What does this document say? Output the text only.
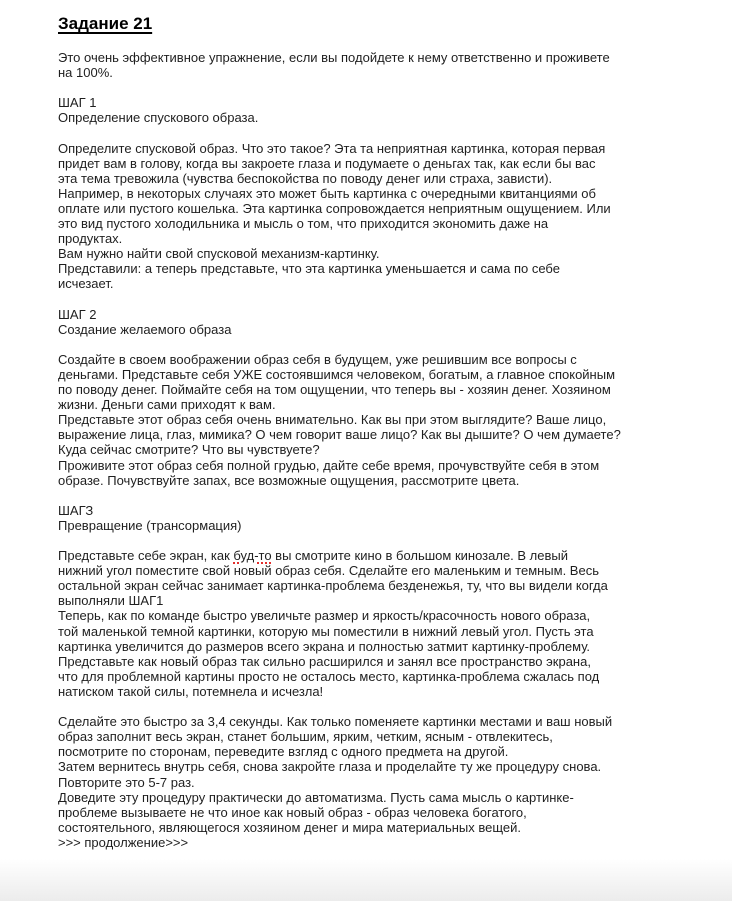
Задание 21
Это очень эффективное упражнение, если вы подойдете к нему ответственно и проживете
на 100%.
ШАГ 1
Определение спускового образа.
Определите спусковой образ. Что это такое? Эта та неприятная картинка, которая первая
придет вам в голову, когда вы закроете глаза и подумаете о деньгах так, как если бы вас
эта тема тревожила (чувства беспокойства по поводу денег или страха, зависти).
Например, в некоторых случаях это может быть картинка с очередными квитанциями об
оплате или пустого кошелька. Эта картинка сопровождается неприятным ощущением. Или
это вид пустого холодильника и мысль о том, что приходится экономить даже на
продуктах.
Вам нужно найти свой спусковой механизм-картинку.
Представили: а теперь представьте, что эта картинка уменьшается и сама по себе
исчезает.
ШАГ 2
Создание желаемого образа
Создайте в своем воображении образ себя в будущем, уже решившим все вопросы с
деньгами. Представьте себя УЖЕ состоявшимся человеком, богатым, а главное спокойным
по поводу денег. Поймайте себя на том ощущении, что теперь вы - хозяин денег. Хозяином
жизни. Деньги сами приходят к вам.
Представьте этот образ себя очень внимательно. Как вы при этом выглядите? Ваше лицо,
выражение лица, глаз, мимика? О чем говорит ваше лицо? Как вы дышите? О чем думаете?
Куда сейчас смотрите? Что вы чувствуете?
Проживите этот образ себя полной грудью, дайте себе время, прочувствуйте себя в этом
образе. Почувствуйте запах, все возможные ощущения, рассмотрите цвета.
ШАГЗ
Превращение (трансормация)
Представьте себе экран, как буд-то вы смотрите кино в большом кинозале. В левый
нижний угол поместите свой новый образ себя. Сделайте его маленьким и темным. Весь
остальной экран сейчас занимает картинка-проблема безденежья, ту, что вы видели когда
выполняли ШАГ1
Теперь, как по команде быстро увеличьте размер и яркость/красочность нового образа,
той маленькой темной картинки, которую мы поместили в нижний левый угол. Пусть эта
картинка увеличится до размеров всего экрана и полностью затмит картинку-проблему.
Представьте как новый образ так сильно расширился и занял все пространство экрана,
что для проблемной картины просто не осталось место, картинка-проблема сжалась под
натиском такой силы, потемнела и исчезла!
Сделайте это быстро за 3,4 секунды. Как только поменяете картинки местами и ваш новый
образ заполнит весь экран, станет большим, ярким, четким, ясным - отвлекитесь,
посмотрите по сторонам, переведите взгляд с одного предмета на другой.
Затем вернитесь внутрь себя, снова закройте глаза и проделайте ту же процедуру снова.
Повторите это 5-7 раз.
Доведите эту процедуру практически до автоматизма. Пусть сама мысль о картинке-
проблеме вызываете не что иное как новый образ - образ человека богатого,
состоятельного, являющегося хозяином денег и мира материальных вещей.
>>> продолжение>>>
